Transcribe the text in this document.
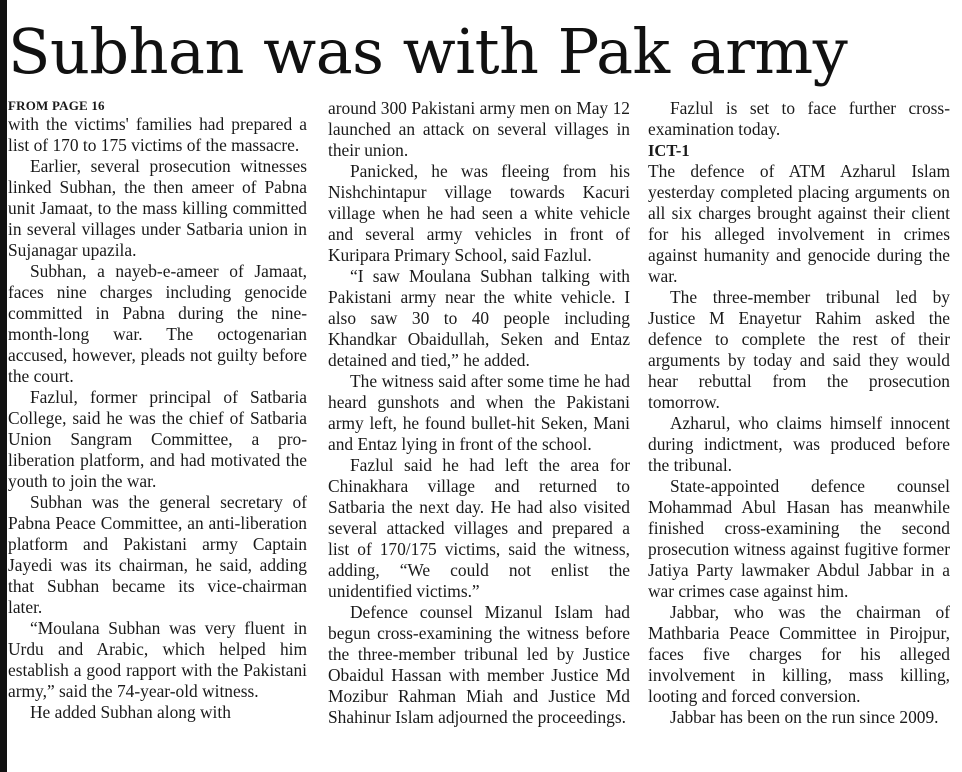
Subhan was with Pak army
FROM PAGE 16

with the victims' families had prepared a list of 170 to 175 victims of the massacre.

Earlier, several prosecution witnesses linked Subhan, the then ameer of Pabna unit Jamaat, to the mass killing committed in several villages under Satbaria union in Sujanagar upazila.

Subhan, a nayeb-e-ameer of Jamaat, faces nine charges including genocide committed in Pabna during the nine-month-long war. The octogenarian accused, however, pleads not guilty before the court.

Fazlul, former principal of Satbaria College, said he was the chief of Satbaria Union Sangram Committee, a pro-liberation platform, and had motivated the youth to join the war.

Subhan was the general secretary of Pabna Peace Committee, an anti-liberation platform and Pakistani army Captain Jayedi was its chairman, he said, adding that Subhan became its vice-chairman later.

“Moulana Subhan was very fluent in Urdu and Arabic, which helped him establish a good rapport with the Pakistani army,” said the 74-year-old witness.

He added Subhan along with

around 300 Pakistani army men on May 12 launched an attack on several villages in their union.

Panicked, he was fleeing from his Nishchintapur village towards Kacuri village when he had seen a white vehicle and several army vehicles in front of Kuripara Primary School, said Fazlul.

“I saw Moulana Subhan talking with Pakistani army near the white vehicle. I also saw 30 to 40 people including Khandkar Obaidullah, Seken and Entaz detained and tied,” he added.

The witness said after some time he had heard gunshots and when the Pakistani army left, he found bullet-hit Seken, Mani and Entaz lying in front of the school.

Fazlul said he had left the area for Chinakhara village and returned to Satbaria the next day. He had also visited several attacked villages and prepared a list of 170/175 victims, said the witness, adding, “We could not enlist the unidentified victims.”

Defence counsel Mizanul Islam had begun cross-examining the witness before the three-member tribunal led by Justice Obaidul Hassan with member Justice Md Mozibur Rahman Miah and Justice Md Shahinur Islam adjourned the proceedings.

Fazlul is set to face further cross-examination today.

ICT-1

The defence of ATM Azharul Islam yesterday completed placing arguments on all six charges brought against their client for his alleged involvement in crimes against humanity and genocide during the war.

The three-member tribunal led by Justice M Enayetur Rahim asked the defence to complete the rest of their arguments by today and said they would hear rebuttal from the prosecution tomorrow.

Azharul, who claims himself innocent during indictment, was produced before the tribunal.

State-appointed defence counsel Mohammad Abul Hasan has meanwhile finished cross-examining the second prosecution witness against fugitive former Jatiya Party lawmaker Abdul Jabbar in a war crimes case against him.

Jabbar, who was the chairman of Mathbaria Peace Committee in Pirojpur, faces five charges for his alleged involvement in killing, mass killing, looting and forced conversion.

Jabbar has been on the run since 2009.
